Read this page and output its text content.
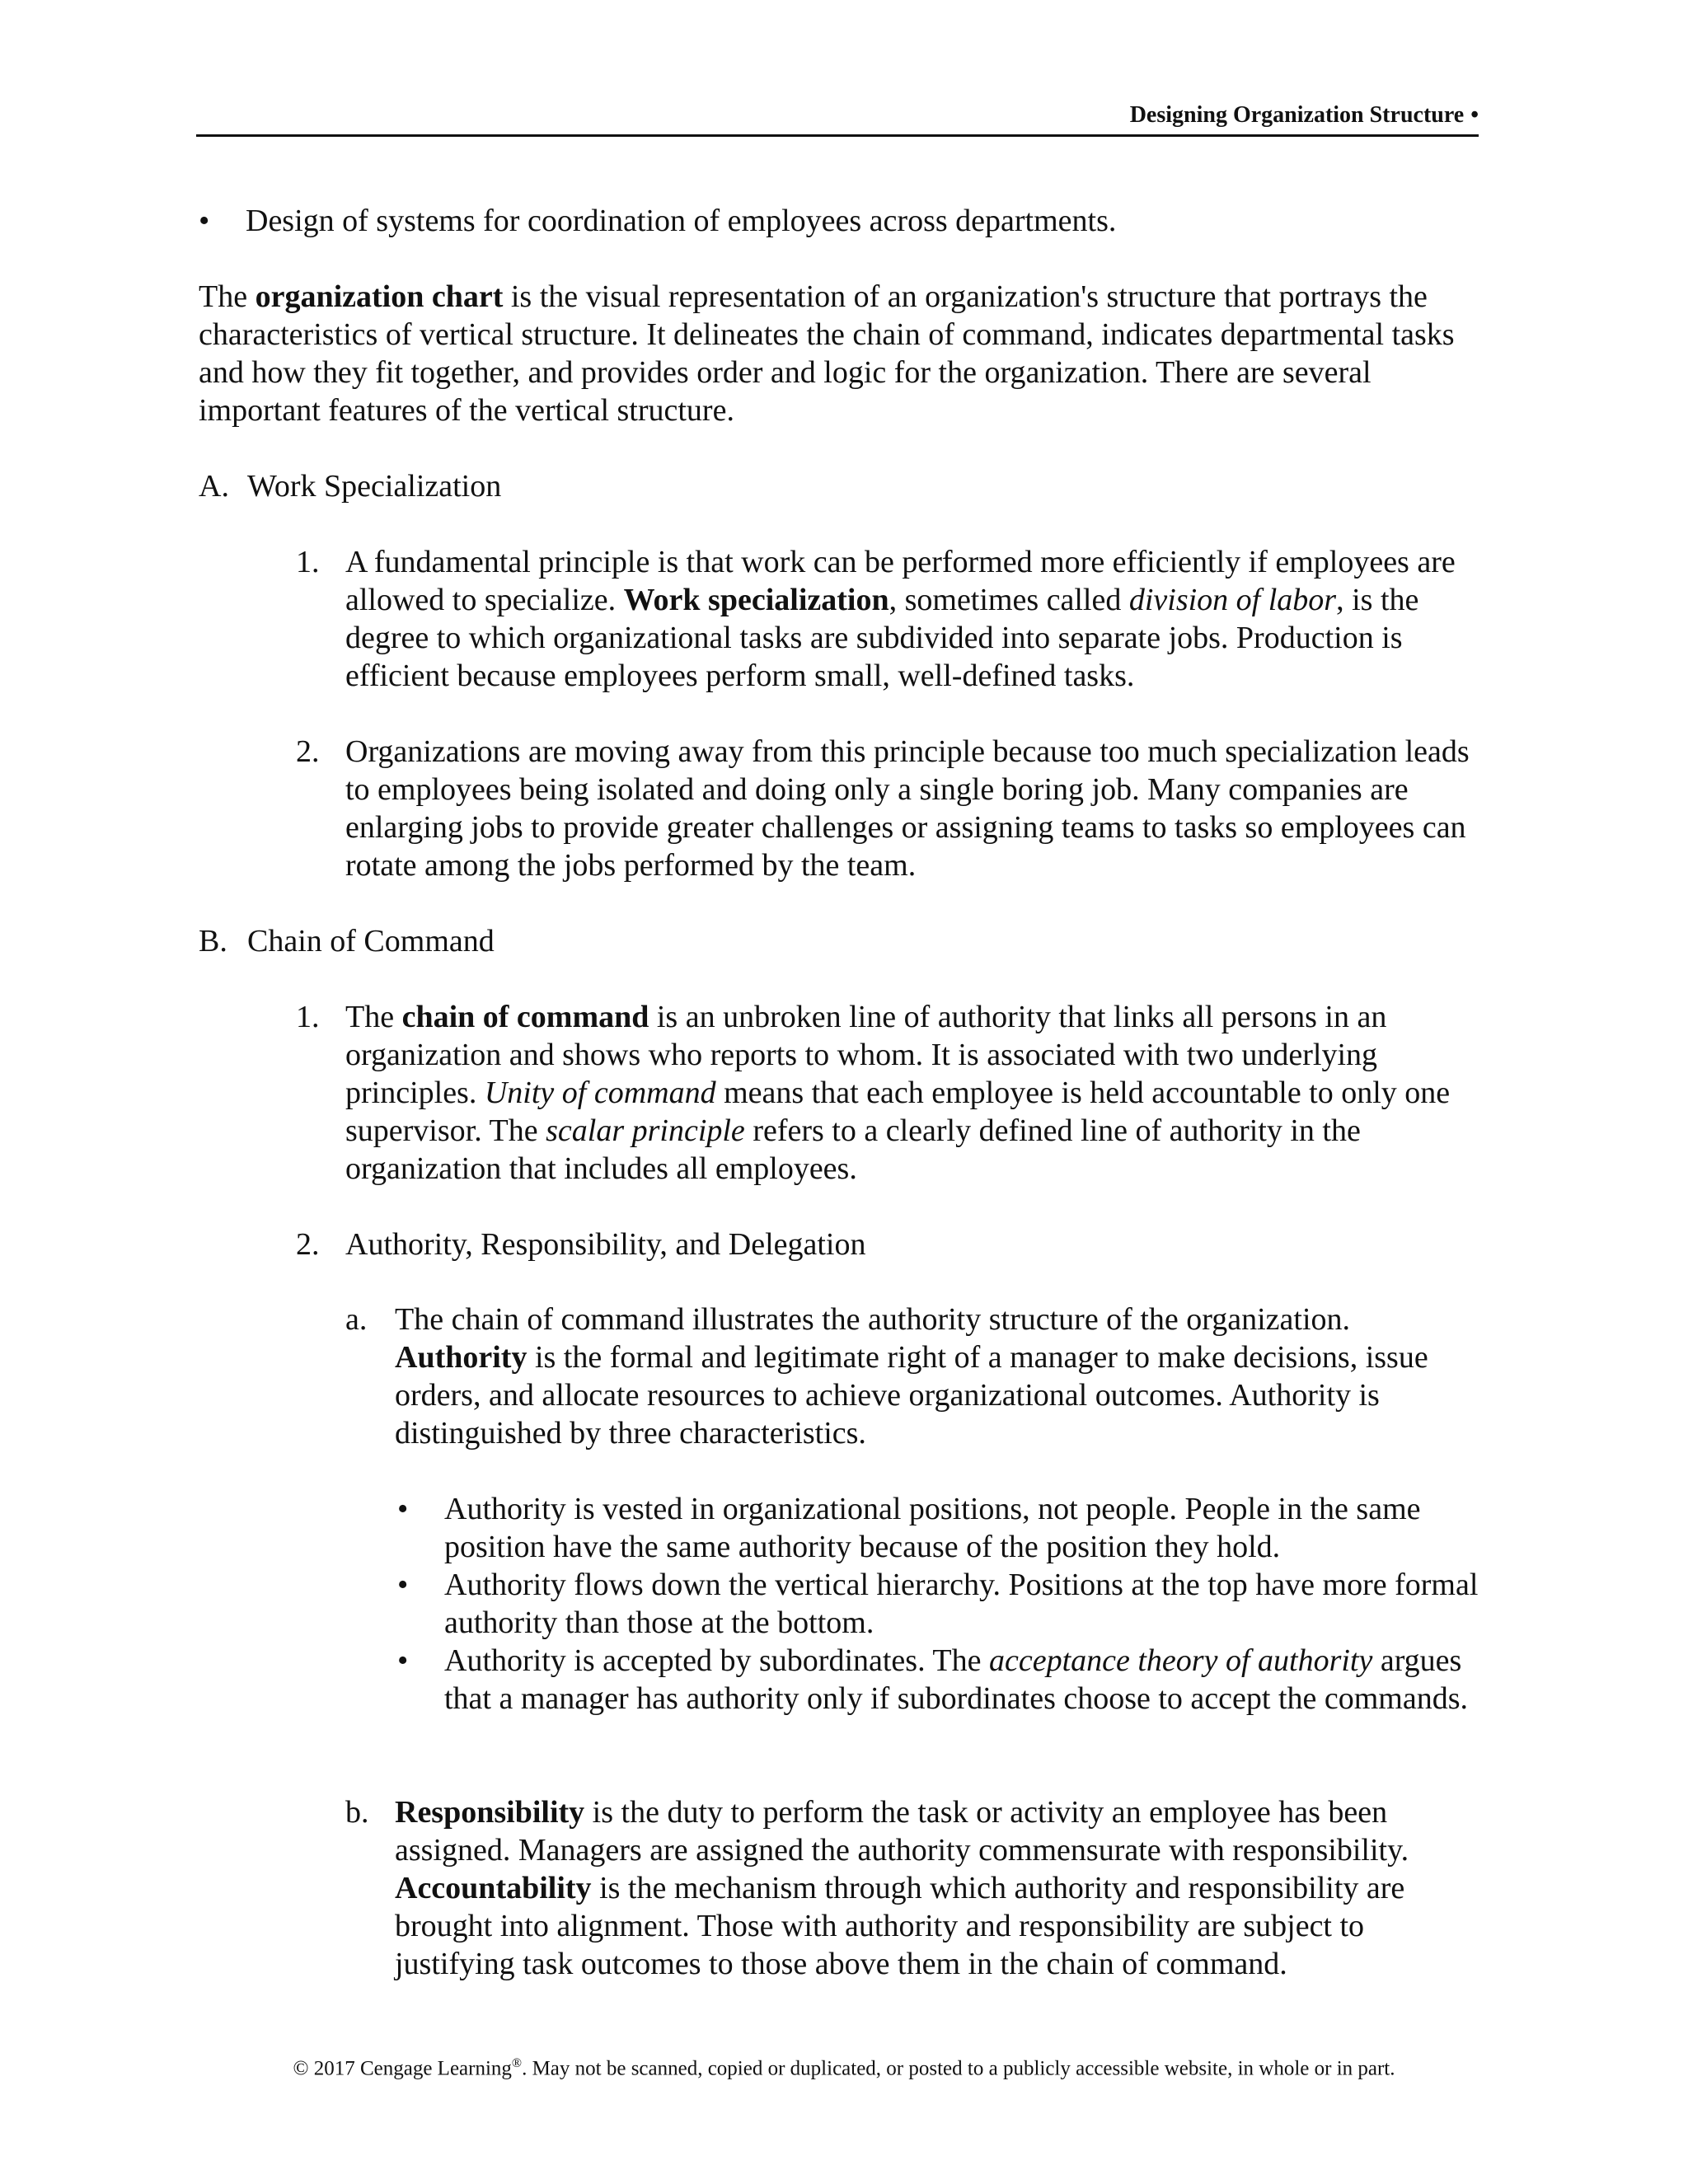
Designing Organization Structure •
• Design of systems for coordination of employees across departments.
The organization chart is the visual representation of an organization's structure that portrays the characteristics of vertical structure. It delineates the chain of command, indicates departmental tasks and how they fit together, and provides order and logic for the organization. There are several important features of the vertical structure.
A. Work Specialization
1. A fundamental principle is that work can be performed more efficiently if employees are allowed to specialize. Work specialization, sometimes called division of labor, is the degree to which organizational tasks are subdivided into separate jobs. Production is efficient because employees perform small, well-defined tasks.
2. Organizations are moving away from this principle because too much specialization leads to employees being isolated and doing only a single boring job. Many companies are enlarging jobs to provide greater challenges or assigning teams to tasks so employees can rotate among the jobs performed by the team.
B. Chain of Command
1. The chain of command is an unbroken line of authority that links all persons in an organization and shows who reports to whom. It is associated with two underlying principles. Unity of command means that each employee is held accountable to only one supervisor. The scalar principle refers to a clearly defined line of authority in the organization that includes all employees.
2. Authority, Responsibility, and Delegation
a. The chain of command illustrates the authority structure of the organization. Authority is the formal and legitimate right of a manager to make decisions, issue orders, and allocate resources to achieve organizational outcomes. Authority is distinguished by three characteristics.
• Authority is vested in organizational positions, not people. People in the same position have the same authority because of the position they hold.
• Authority flows down the vertical hierarchy. Positions at the top have more formal authority than those at the bottom.
• Authority is accepted by subordinates. The acceptance theory of authority argues that a manager has authority only if subordinates choose to accept the commands.
b. Responsibility is the duty to perform the task or activity an employee has been assigned. Managers are assigned the authority commensurate with responsibility. Accountability is the mechanism through which authority and responsibility are brought into alignment. Those with authority and responsibility are subject to justifying task outcomes to those above them in the chain of command.
© 2017 Cengage Learning®. May not be scanned, copied or duplicated, or posted to a publicly accessible website, in whole or in part.
